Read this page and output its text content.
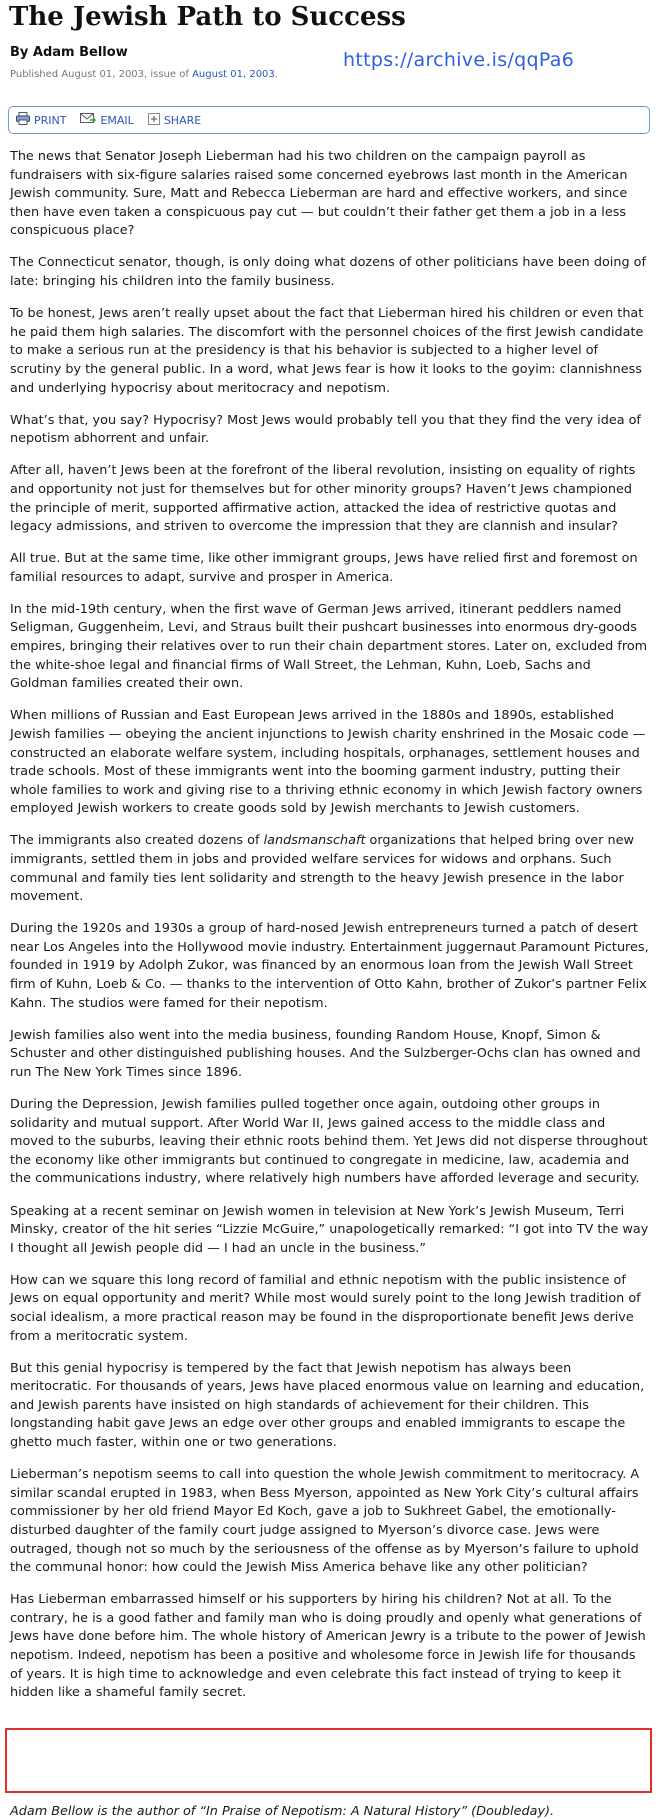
The Jewish Path to Success
By Adam Bellow
Published August 01, 2003, issue of August 01, 2003.
https://archive.is/qqPa6
PRINT	EMAIL	SHARE

The news that Senator Joseph Lieberman had his two children on the campaign payroll as fundraisers with six-figure salaries raised some concerned eyebrows last month in the American Jewish community. Sure, Matt and Rebecca Lieberman are hard and effective workers, and since then have even taken a conspicuous pay cut — but couldn’t their father get them a job in a less conspicuous place?

The Connecticut senator, though, is only doing what dozens of other politicians have been doing of late: bringing his children into the family business.

To be honest, Jews aren’t really upset about the fact that Lieberman hired his children or even that he paid them high salaries. The discomfort with the personnel choices of the first Jewish candidate to make a serious run at the presidency is that his behavior is subjected to a higher level of scrutiny by the general public. In a word, what Jews fear is how it looks to the goyim: clannishness and underlying hypocrisy about meritocracy and nepotism.

What’s that, you say? Hypocrisy? Most Jews would probably tell you that they find the very idea of nepotism abhorrent and unfair.

After all, haven’t Jews been at the forefront of the liberal revolution, insisting on equality of rights and opportunity not just for themselves but for other minority groups? Haven’t Jews championed the principle of merit, supported affirmative action, attacked the idea of restrictive quotas and legacy admissions, and striven to overcome the impression that they are clannish and insular?

All true. But at the same time, like other immigrant groups, Jews have relied first and foremost on familial resources to adapt, survive and prosper in America.

In the mid-19th century, when the first wave of German Jews arrived, itinerant peddlers named Seligman, Guggenheim, Levi, and Straus built their pushcart businesses into enormous dry-goods empires, bringing their relatives over to run their chain department stores. Later on, excluded from the white-shoe legal and financial firms of Wall Street, the Lehman, Kuhn, Loeb, Sachs and Goldman families created their own.

When millions of Russian and East European Jews arrived in the 1880s and 1890s, established Jewish families — obeying the ancient injunctions to Jewish charity enshrined in the Mosaic code — constructed an elaborate welfare system, including hospitals, orphanages, settlement houses and trade schools. Most of these immigrants went into the booming garment industry, putting their whole families to work and giving rise to a thriving ethnic economy in which Jewish factory owners employed Jewish workers to create goods sold by Jewish merchants to Jewish customers.

The immigrants also created dozens of landsmanschaft organizations that helped bring over new immigrants, settled them in jobs and provided welfare services for widows and orphans. Such communal and family ties lent solidarity and strength to the heavy Jewish presence in the labor movement.

During the 1920s and 1930s a group of hard-nosed Jewish entrepreneurs turned a patch of desert near Los Angeles into the Hollywood movie industry. Entertainment juggernaut Paramount Pictures, founded in 1919 by Adolph Zukor, was financed by an enormous loan from the Jewish Wall Street firm of Kuhn, Loeb & Co. — thanks to the intervention of Otto Kahn, brother of Zukor’s partner Felix Kahn. The studios were famed for their nepotism.

Jewish families also went into the media business, founding Random House, Knopf, Simon & Schuster and other distinguished publishing houses. And the Sulzberger-Ochs clan has owned and run The New York Times since 1896.

During the Depression, Jewish families pulled together once again, outdoing other groups in solidarity and mutual support. After World War II, Jews gained access to the middle class and moved to the suburbs, leaving their ethnic roots behind them. Yet Jews did not disperse throughout the economy like other immigrants but continued to congregate in medicine, law, academia and the communications industry, where relatively high numbers have afforded leverage and security.

Speaking at a recent seminar on Jewish women in television at New York’s Jewish Museum, Terri Minsky, creator of the hit series “Lizzie McGuire,” unapologetically remarked: “I got into TV the way I thought all Jewish people did — I had an uncle in the business.”

How can we square this long record of familial and ethnic nepotism with the public insistence of Jews on equal opportunity and merit? While most would surely point to the long Jewish tradition of social idealism, a more practical reason may be found in the disproportionate benefit Jews derive from a meritocratic system.

But this genial hypocrisy is tempered by the fact that Jewish nepotism has always been meritocratic. For thousands of years, Jews have placed enormous value on learning and education, and Jewish parents have insisted on high standards of achievement for their children. This longstanding habit gave Jews an edge over other groups and enabled immigrants to escape the ghetto much faster, within one or two generations.

Lieberman’s nepotism seems to call into question the whole Jewish commitment to meritocracy. A similar scandal erupted in 1983, when Bess Myerson, appointed as New York City’s cultural affairs commissioner by her old friend Mayor Ed Koch, gave a job to Sukhreet Gabel, the emotionally-disturbed daughter of the family court judge assigned to Myerson’s divorce case. Jews were outraged, though not so much by the seriousness of the offense as by Myerson’s failure to uphold the communal honor: how could the Jewish Miss America behave like any other politician?

Has Lieberman embarrassed himself or his supporters by hiring his children? Not at all. To the contrary, he is a good father and family man who is doing proudly and openly what generations of Jews have done before him. The whole history of American Jewry is a tribute to the power of Jewish nepotism. Indeed, nepotism has been a positive and wholesome force in Jewish life for thousands of years. It is high time to acknowledge and even celebrate this fact instead of trying to keep it hidden like a shameful family secret.

Adam Bellow is the author of “In Praise of Nepotism: A Natural History” (Doubleday).
